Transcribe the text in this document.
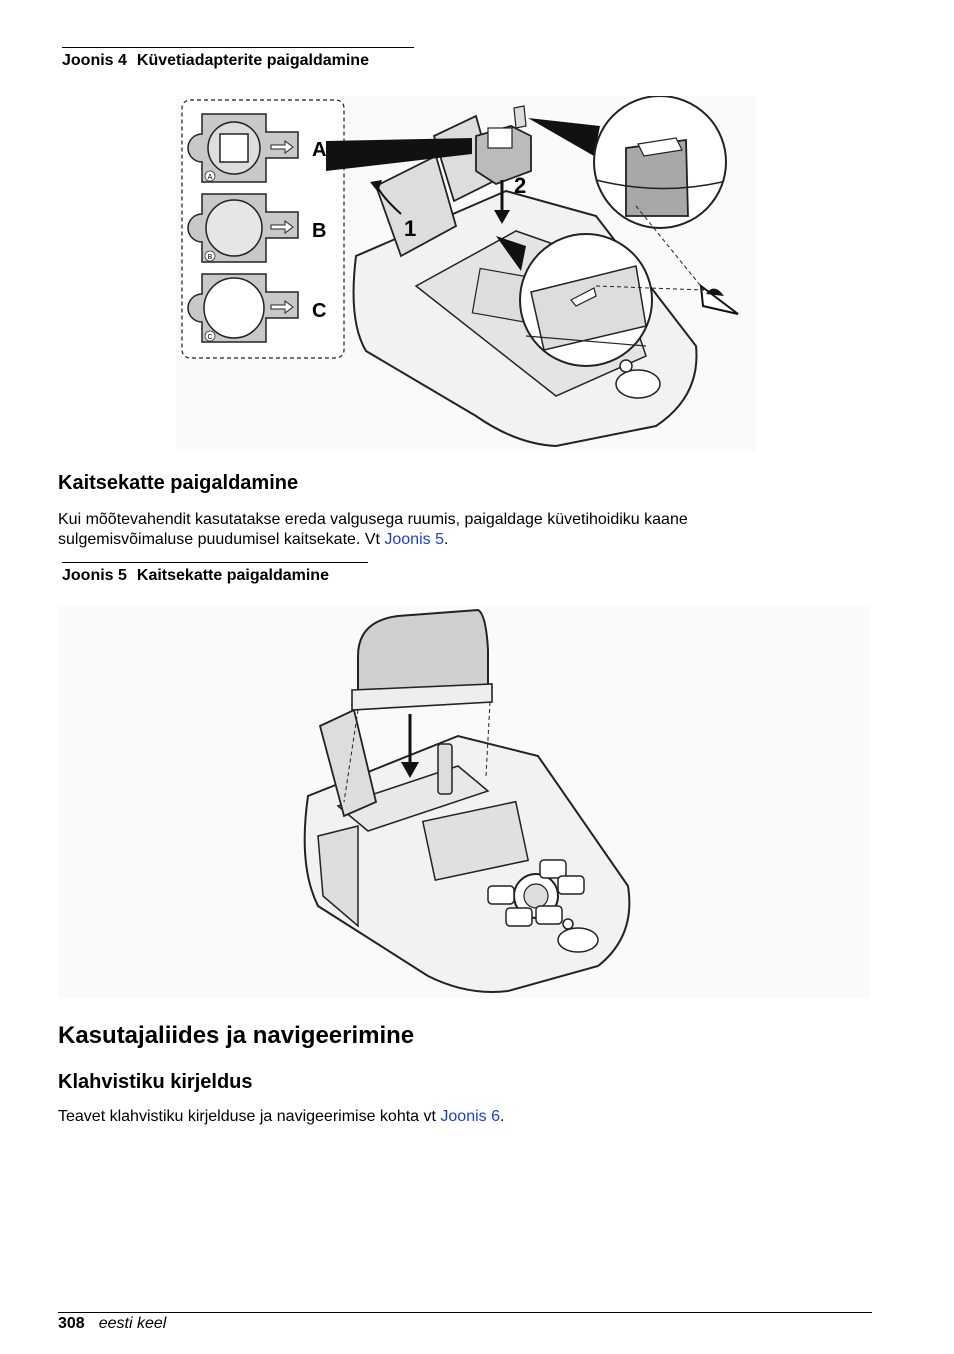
Joonis 4 Küvetiadapterite paigaldamine
A
B
C
A
B
C
1
2
Kaitsekatte paigaldamine

Kui mõõtevahendit kasutatakse ereda valgusega ruumis, paigaldage küvetihoidiku kaane
sulgemisvõimaluse puudumisel kaitsekate. Vt Joonis 5.

Joonis 5 Kaitsekatte paigaldamine
Kasutajaliides ja navigeerimine
Klahvistiku kirjeldus

Teavet klahvistiku kirjelduse ja navigeerimise kohta vt Joonis 6.

308 eesti keel
